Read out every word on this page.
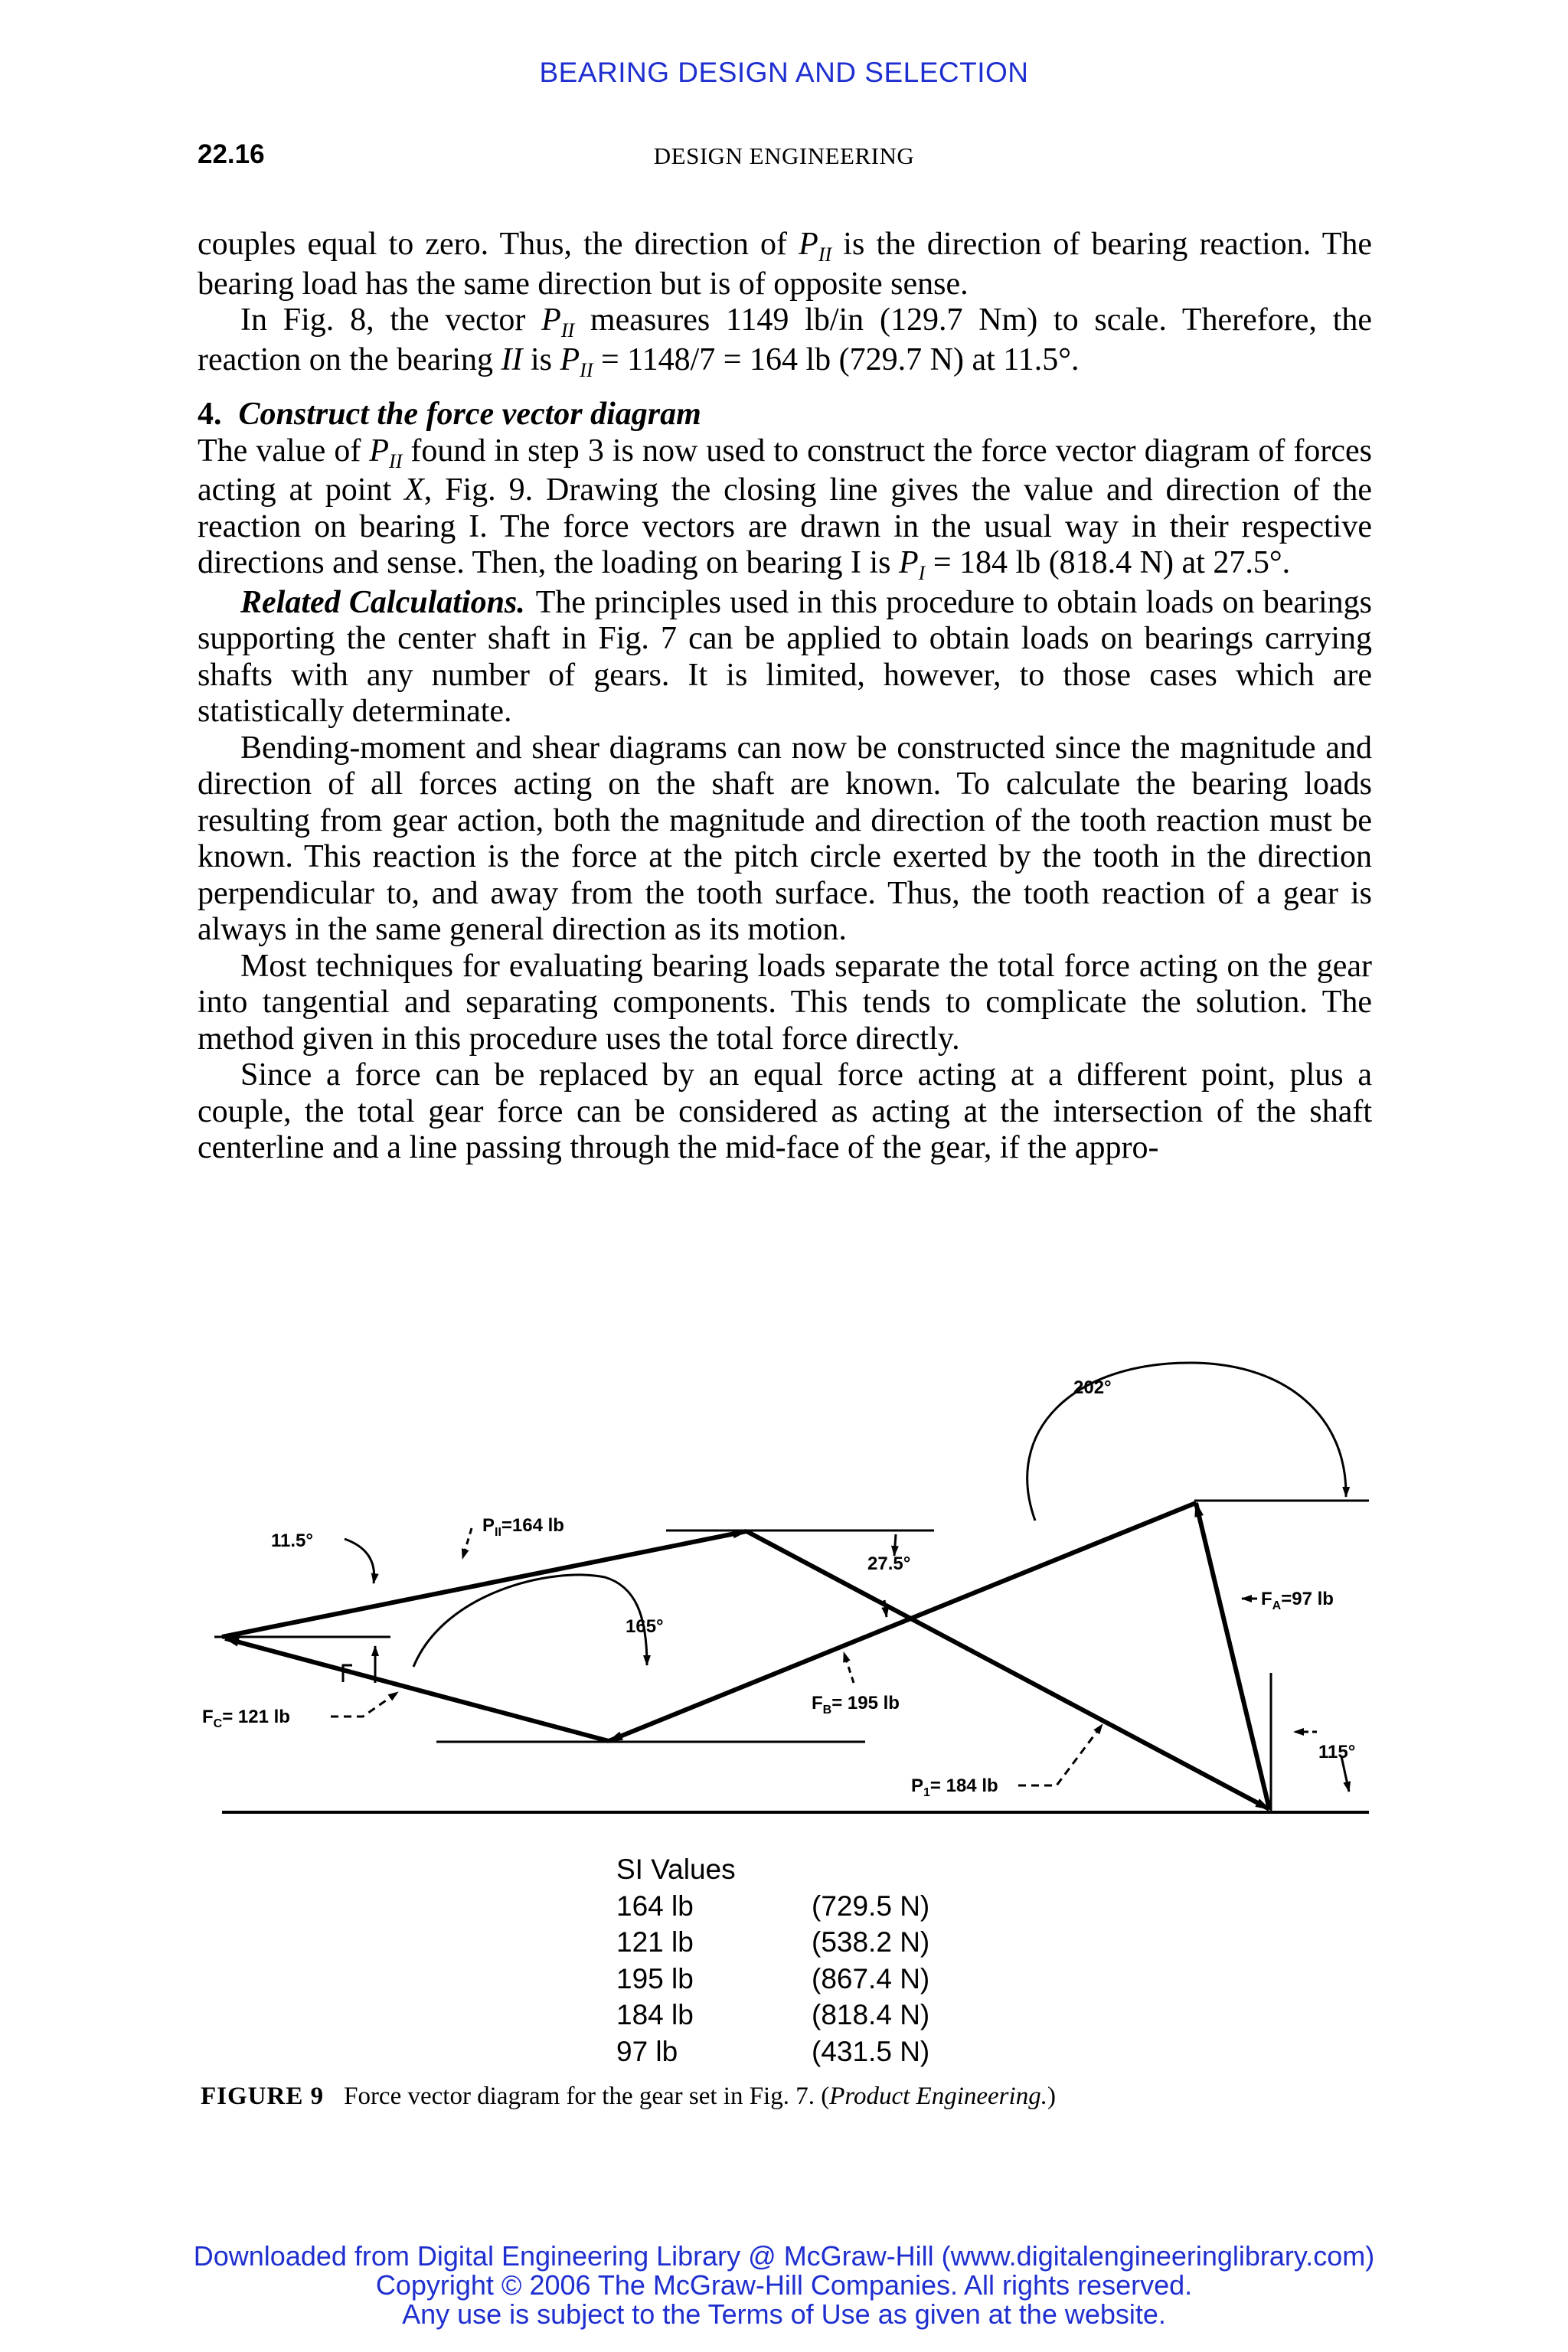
BEARING DESIGN AND SELECTION
22.16	DESIGN ENGINEERING

couples equal to zero. Thus, the direction of $P_{II}$ is the direction of bearing reaction. The bearing load has the same direction but is of opposite sense.

In Fig. 8, the vector $P_{II}$ measures 1149 lb/in (129.7 Nm) to scale. Therefore, the reaction on the bearing II is $P_{II} = 1148/7 = 164$ lb (729.7 N) at 11.5°.

4. Construct the force vector diagram

The value of $P_{II}$ found in step 3 is now used to construct the force vector diagram of forces acting at point X, Fig. 9. Drawing the closing line gives the value and direction of the reaction on bearing I. The force vectors are drawn in the usual way in their respective directions and sense. Then, the loading on bearing I is $P_I = 184$ lb (818.4 N) at 27.5°.

Related Calculations. The principles used in this procedure to obtain loads on bearings supporting the center shaft in Fig. 7 can be applied to obtain loads on bearings carrying shafts with any number of gears. It is limited, however, to those cases which are statistically determinate.

Bending-moment and shear diagrams can now be constructed since the magnitude and direction of all forces acting on the shaft are known. To calculate the bearing loads resulting from gear action, both the magnitude and direction of the tooth reaction must be known. This reaction is the force at the pitch circle exerted by the tooth in the direction perpendicular to, and away from the tooth surface. Thus, the tooth reaction of a gear is always in the same general direction as its motion.

Most techniques for evaluating bearing loads separate the total force acting on the gear into tangential and separating components. This tends to complicate the solution. The method given in this procedure uses the total force directly.

Since a force can be replaced by an equal force acting at a different point, plus a couple, the total gear force can be considered as acting at the intersection of the shaft centerline and a line passing through the mid-face of the gear, if the appro-

202°
11.5°
PII=164 lb
27.5°
165°
FA=97 lb
FB= 195 lb
FC= 121 lb
115°
P1= 184 lb
SI Values
164 lb	(729.5 N)
121 lb	(538.2 N)
195 lb	(867.4 N)
184 lb	(818.4 N)
97 lb	(431.5 N)
FIGURE 9 Force vector diagram for the gear set in Fig. 7. (Product Engineering.)
Downloaded from Digital Engineering Library @ McGraw-Hill (www.digitalengineeringlibrary.com)
Copyright © 2006 The McGraw-Hill Companies. All rights reserved.
Any use is subject to the Terms of Use as given at the website.
